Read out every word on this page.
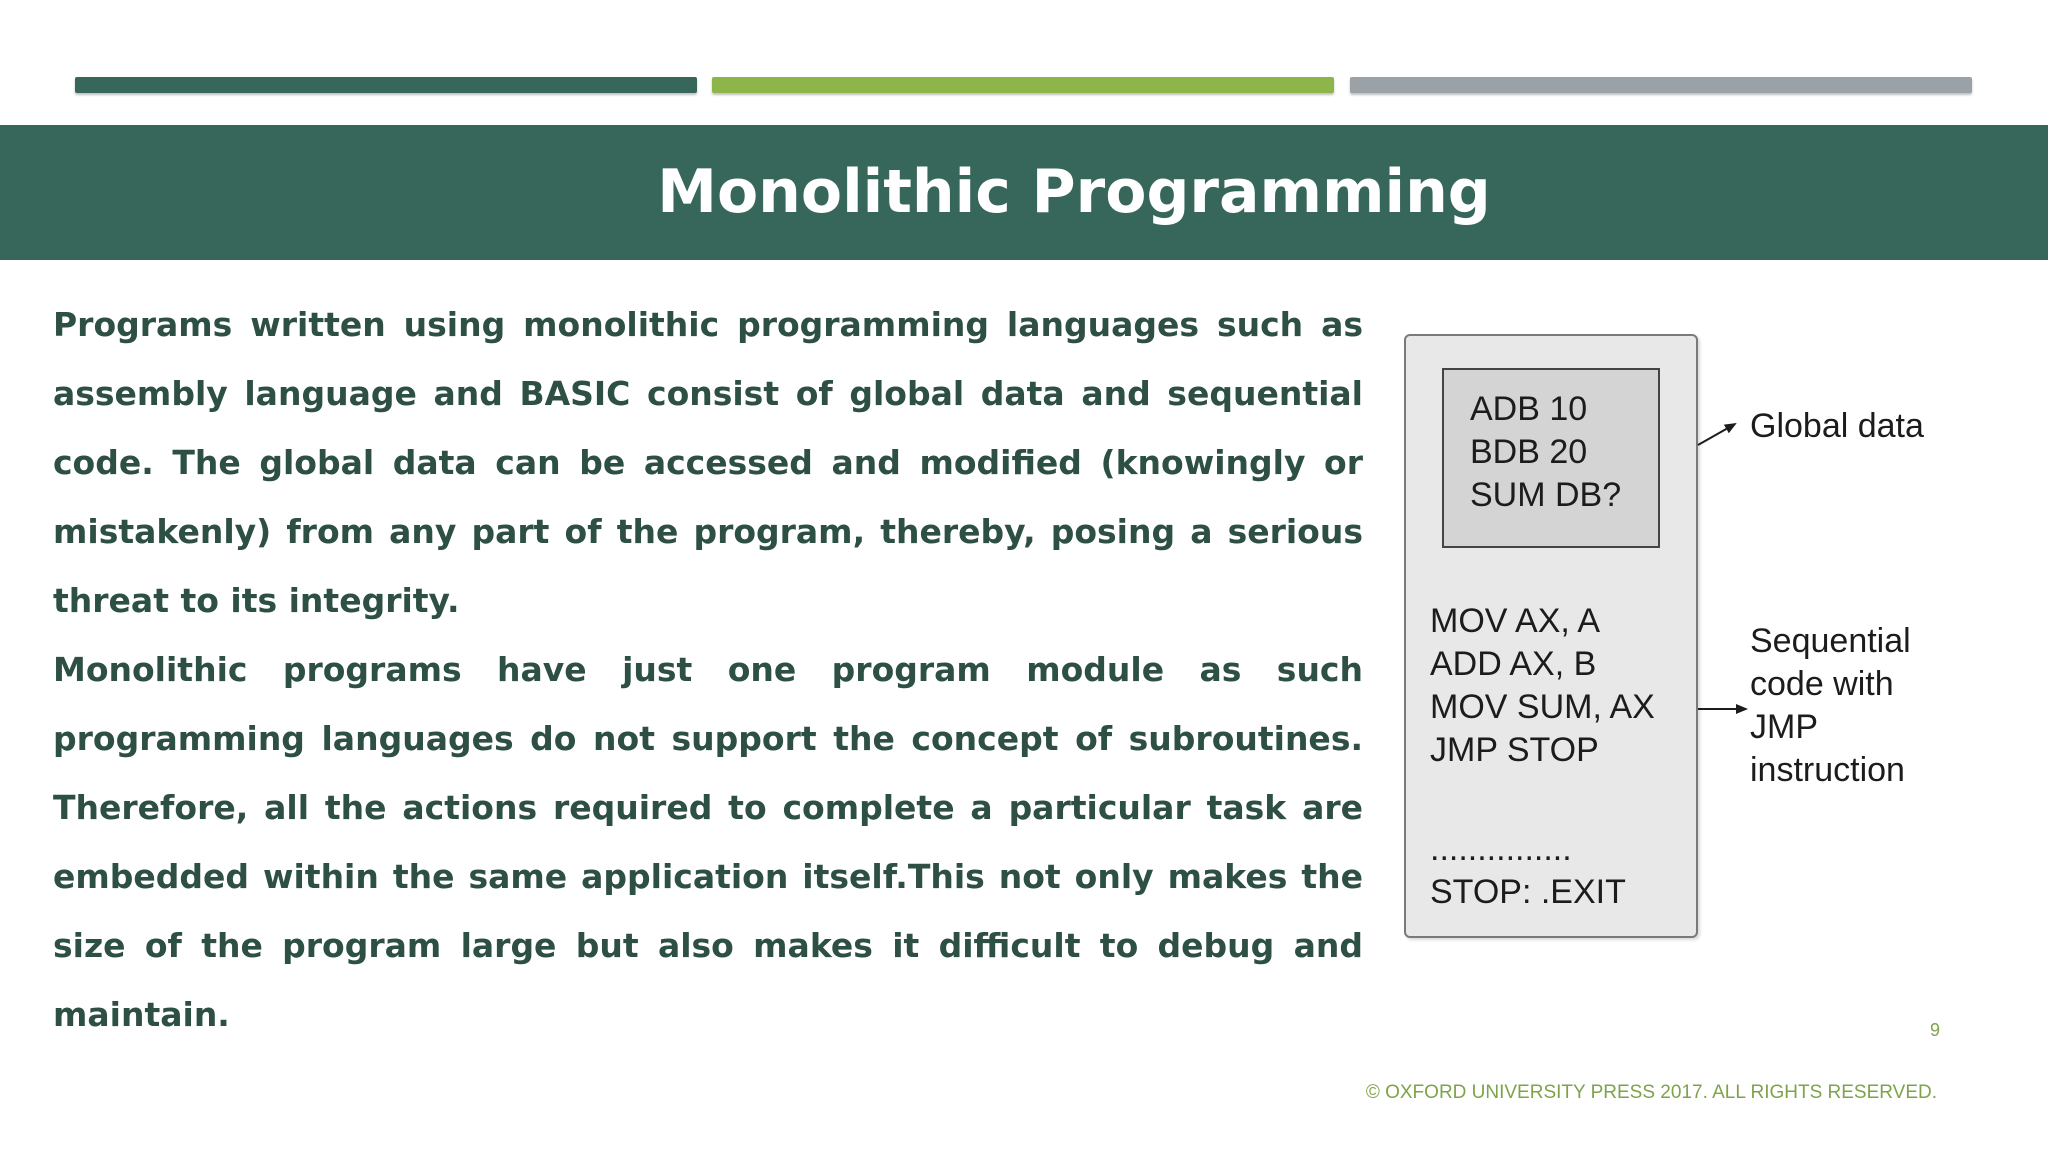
Monolithic Programming

Programs written using monolithic programming languages such as assembly language and BASIC consist of global data and sequential code. The global data can be accessed and modified (knowingly or mistakenly) from any part of the program, thereby, posing a serious threat to its integrity.

Monolithic programs have just one program module as such programming languages do not support the concept of subroutines. Therefore, all the actions required to complete a particular task are embedded within the same application itself.This not only makes the size of the program large but also makes it difficult to debug and maintain.

ADB 10
BDB 20
SUM DB?
MOV AX, A
ADD AX, B
MOV SUM, AX
JMP STOP
...............
STOP: .EXIT
Global data
Sequential
code with
JMP
instruction
9
© OXFORD UNIVERSITY PRESS 2017. ALL RIGHTS RESERVED.
